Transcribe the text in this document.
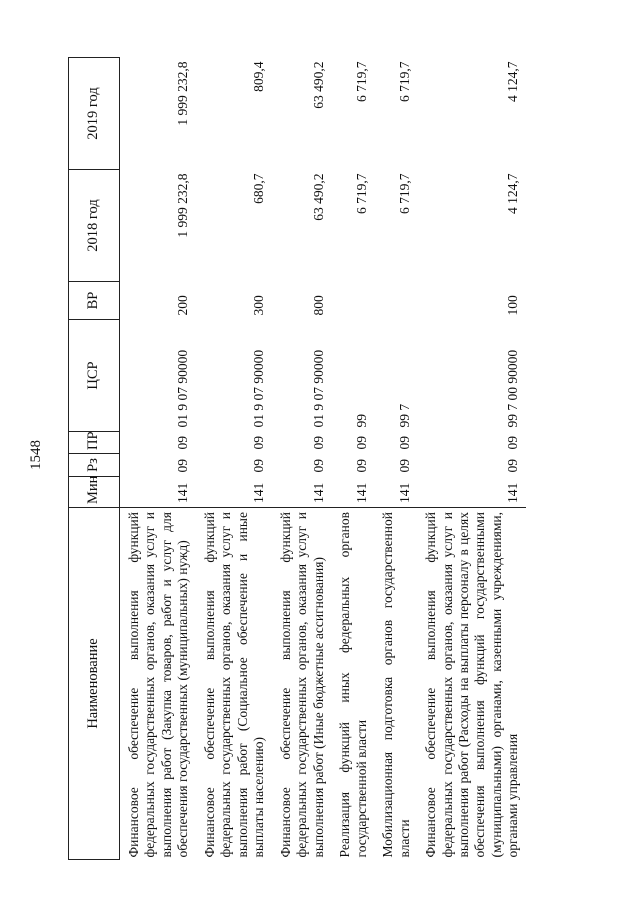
1548
Наименование	Мин	Рз	ПР	ЦСР	ВР	2018 год	2019 год
Финансовое обеспечение выполнения функций федеральных государственных органов, оказания услуг и выполнения работ (Закупка товаров, работ и услуг для обеспечения государственных (муниципальных) нужд)	141	09	09	01 9 07 90000	200	1 999 232,8	1 999 232,8
Финансовое обеспечение выполнения функций федеральных государственных органов, оказания услуг и выполнения работ (Социальное обеспечение и иные выплаты населению)	141	09	09	01 9 07 90000	300	680,7	809,4
Финансовое обеспечение выполнения функций федеральных государственных органов, оказания услуг и выполнения работ (Иные бюджетные ассигнования)	141	09	09	01 9 07 90000	800	63 490,2	63 490,2
Реализация функций иных федеральных органов государственной власти	141	09	09	99		6 719,7	6 719,7
Мобилизационная подготовка органов государственной власти	141	09	09	99 7		6 719,7	6 719,7
Финансовое обеспечение выполнения функций федеральных государственных органов, оказания услуг и выполнения работ (Расходы на выплаты персоналу в целях обеспечения выполнения функций государственными (муниципальными) органами, казенными учреждениями, органами управления	141	09	09	99 7 00 90000	100	4 124,7	4 124,7
